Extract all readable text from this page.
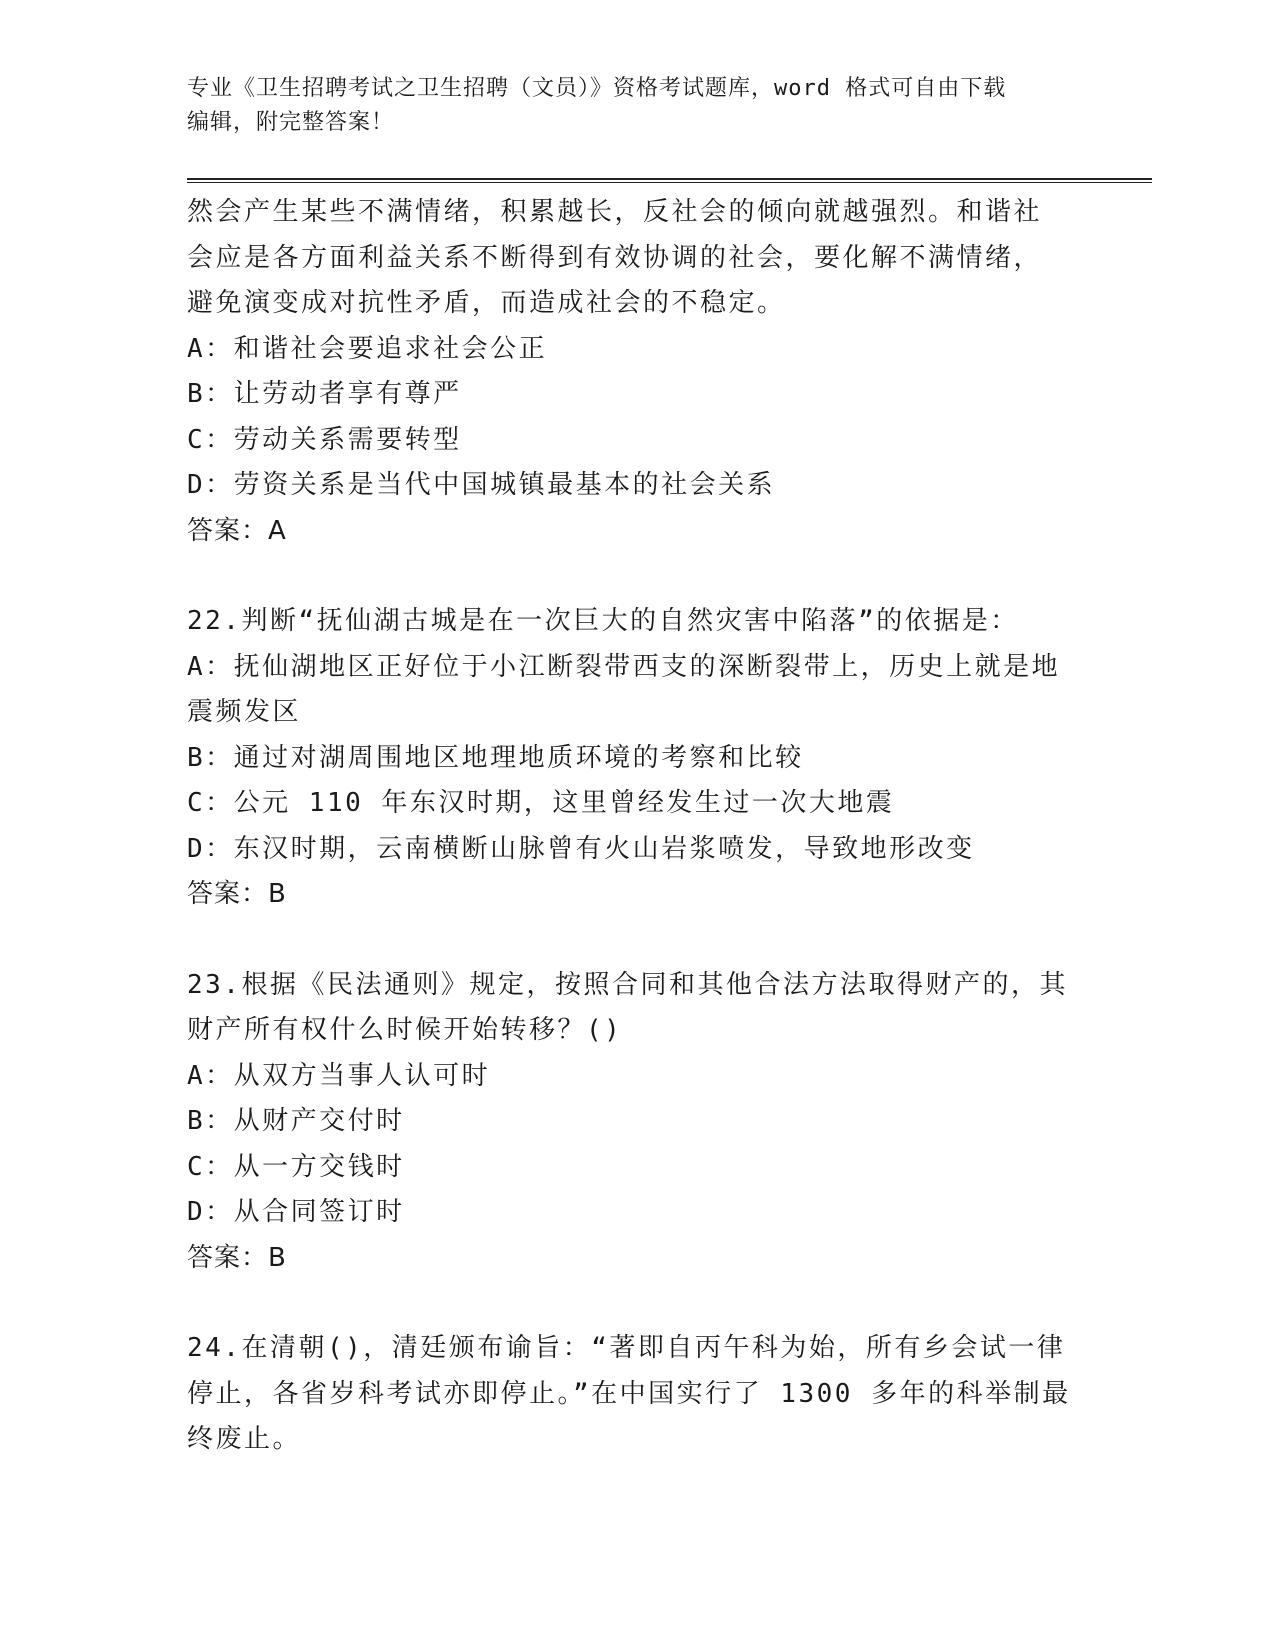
专业《卫生招聘考试之卫生招聘（文员）》资格考试题库，word 格式可自由下载
编辑，附完整答案！

然会产生某些不满情绪，积累越长，反社会的倾向就越强烈。和谐社

会应是各方面利益关系不断得到有效协调的社会，要化解不满情绪，

避免演变成对抗性矛盾，而造成社会的不稳定。

A：和谐社会要追求社会公正

B：让劳动者享有尊严

C：劳动关系需要转型

D：劳资关系是当代中国城镇最基本的社会关系

答案：A

22.判断“抚仙湖古城是在一次巨大的自然灾害中陷落”的依据是：

A：抚仙湖地区正好位于小江断裂带西支的深断裂带上，历史上就是地

震频发区

B：通过对湖周围地区地理地质环境的考察和比较

C：公元 110 年东汉时期，这里曾经发生过一次大地震

D：东汉时期，云南横断山脉曾有火山岩浆喷发，导致地形改变

答案：B

23.根据《民法通则》规定，按照合同和其他合法方法取得财产的，其

财产所有权什么时候开始转移？()

A：从双方当事人认可时

B：从财产交付时

C：从一方交钱时

D：从合同签订时

答案：B

24.在清朝()，清廷颁布谕旨：“著即自丙午科为始，所有乡会试一律

停止，各省岁科考试亦即停止。”在中国实行了 1300 多年的科举制最

终废止。
